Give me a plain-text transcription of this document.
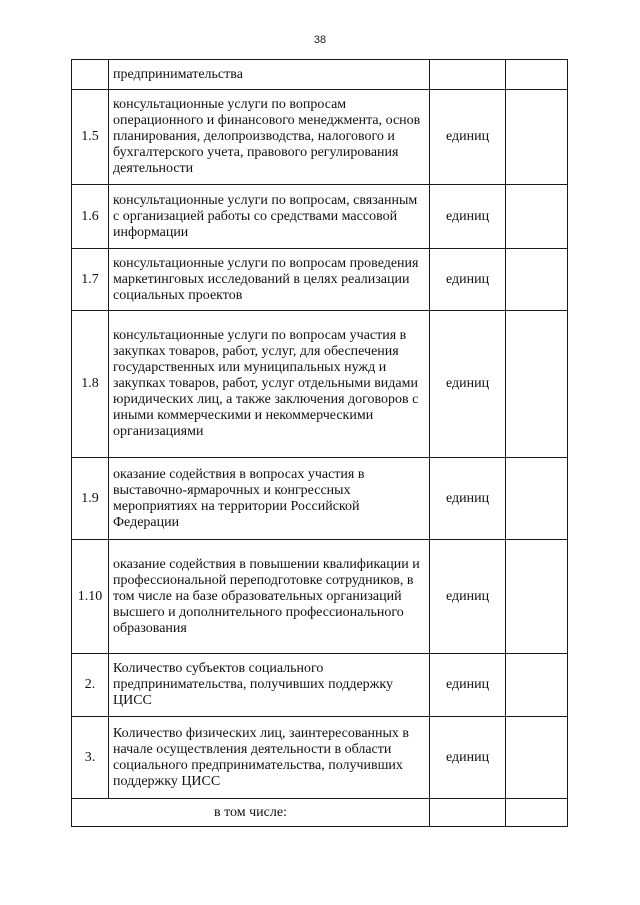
38
	предпринимательства		
1.5	консультационные услуги по вопросам операционного и финансового менеджмента, основ планирования, делопроизводства, налогового и бухгалтерского учета, правового регулирования деятельности	единиц	
1.6	консультационные услуги по вопросам, связанным с организацией работы со средствами массовой информации	единиц	
1.7	консультационные услуги по вопросам проведения маркетинговых исследований в целях реализации социальных проектов	единиц	
1.8	консультационные услуги по вопросам участия в закупках товаров, работ, услуг, для обеспечения государственных или муниципальных нужд и закупках товаров, работ, услуг отдельными видами юридических лиц, а также заключения договоров с иными коммерческими и некоммерческими организациями	единиц	
1.9	оказание содействия в вопросах участия в выставочно-ярмарочных и конгрессных мероприятиях на территории Российской Федерации	единиц	
1.10	оказание содействия в повышении квалификации и профессиональной переподготовке сотрудников, в том числе на базе образовательных организаций высшего и дополнительного профессионального образования	единиц	
2.	Количество субъектов социального предпринимательства, получивших поддержку ЦИСС	единиц	
3.	Количество физических лиц, заинтересованных в начале осуществления деятельности в области социального предпринимательства, получивших поддержку ЦИСС	единиц	
в том числе:			
